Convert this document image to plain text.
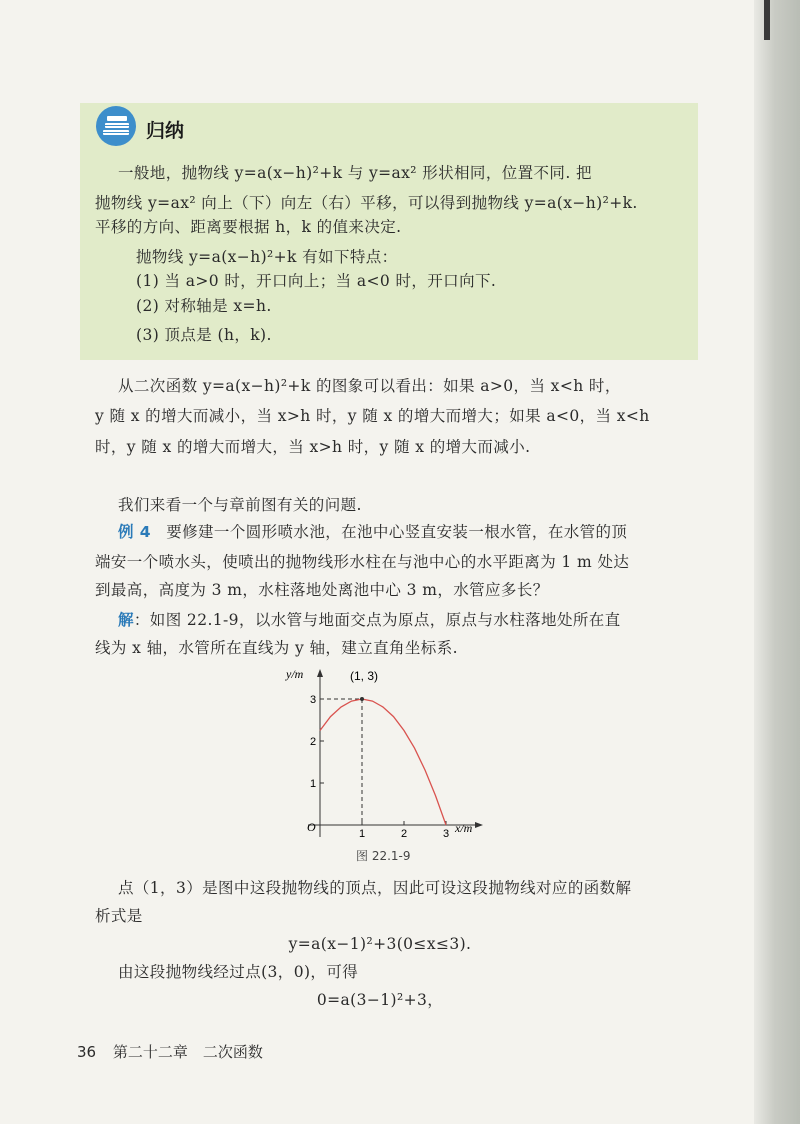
归纳
一般地，抛物线 y=a(x−h)²+k 与 y=ax² 形状相同，位置不同. 把
抛物线 y=ax² 向上（下）向左（右）平移，可以得到抛物线 y=a(x−h)²+k.
平移的方向、距离要根据 h，k 的值来决定.
抛物线 y=a(x−h)²+k 有如下特点：
(1) 当 a>0 时，开口向上；当 a<0 时，开口向下.
(2) 对称轴是 x=h.
(3) 顶点是 (h，k).
从二次函数 y=a(x−h)²+k 的图象可以看出：如果 a>0，当 x<h 时，
y 随 x 的增大而减小，当 x>h 时，y 随 x 的增大而增大；如果 a<0，当 x<h
时，y 随 x 的增大而增大，当 x>h 时，y 随 x 的增大而减小.
我们来看一个与章前图有关的问题.
例 4 要修建一个圆形喷水池，在池中心竖直安装一根水管，在水管的顶
端安一个喷水头，使喷出的抛物线形水柱在与池中心的水平距离为 1 m 处达
到最高，高度为 3 m，水柱落地处离池中心 3 m，水管应多长？
解：如图 22.1-9，以水管与地面交点为原点，原点与水柱落地处所在直
线为 x 轴，水管所在直线为 y 轴，建立直角坐标系.
1	2	3
1
2
3
(1, 3)
y/m
x/m
O
图 22.1-9
点（1，3）是图中这段抛物线的顶点，因此可设这段抛物线对应的函数解
析式是
y=a(x−1)²+3(0≤x≤3).
由这段抛物线经过点(3，0)，可得
0=a(3−1)²+3，
36 第二十二章　二次函数
